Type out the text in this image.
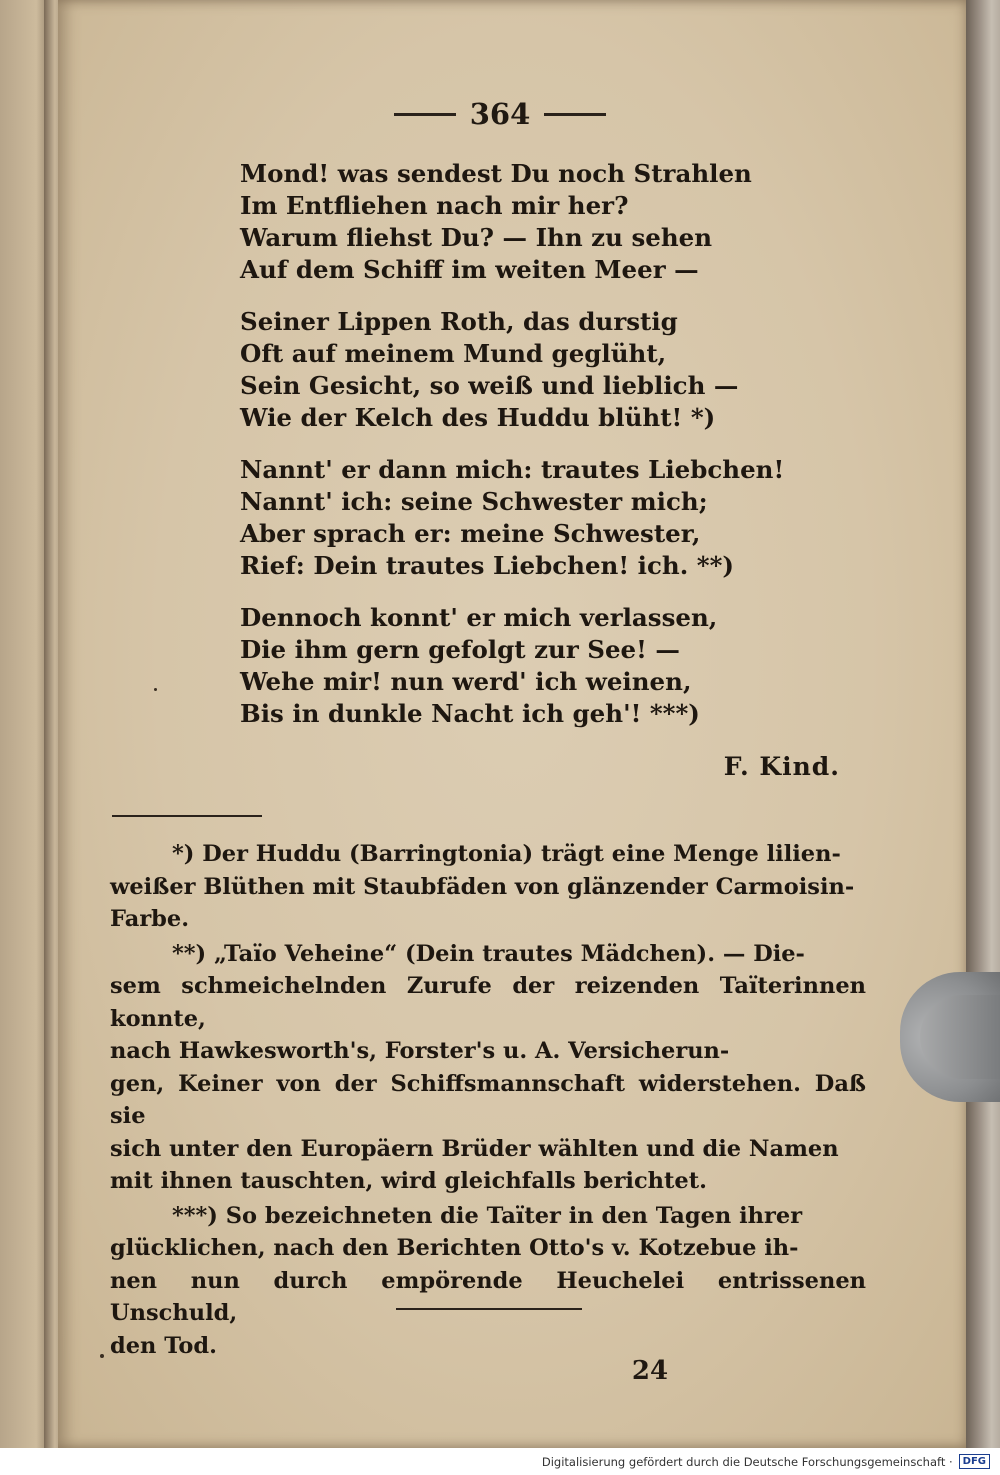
364
Mond! was sendest Du noch Strahlen
Im Entfliehen nach mir her?
Warum fliehst Du? — Ihn zu sehen
Auf dem Schiff im weiten Meer —
Seiner Lippen Roth, das durstig
Oft auf meinem Mund geglüht,
Sein Gesicht, so weiß und lieblich —
Wie der Kelch des Huddu blüht! *)
Nannt' er dann mich: trautes Liebchen!
Nannt' ich: seine Schwester mich;
Aber sprach er: meine Schwester,
Rief: Dein trautes Liebchen! ich. **)
Dennoch konnt' er mich verlassen,
Die ihm gern gefolgt zur See! —
Wehe mir! nun werd' ich weinen,
Bis in dunkle Nacht ich geh'! ***)
F. Kind.
*) Der Huddu (Barringtonia) trägt eine Menge lilien-
weißer Blüthen mit Staubfäden von glänzender Carmoisin-
Farbe.
**) „Taïo Veheine“ (Dein trautes Mädchen). — Die-
sem schmeichelnden Zurufe der reizenden Taïterinnen konnte,
nach Hawkesworth's, Forster's u. A. Versicherun-
gen, Keiner von der Schiffsmannschaft widerstehen. Daß sie
sich unter den Europäern Brüder wählten und die Namen
mit ihnen tauschten, wird gleichfalls berichtet.
***) So bezeichneten die Taïter in den Tagen ihrer
glücklichen, nach den Berichten Otto's v. Kotzebue ih-
nen nun durch empörende Heuchelei entrissenen Unschuld,
den Tod.
24
Digitalisierung gefördert durch die Deutsche Forschungsgemeinschaft ·	DFG
